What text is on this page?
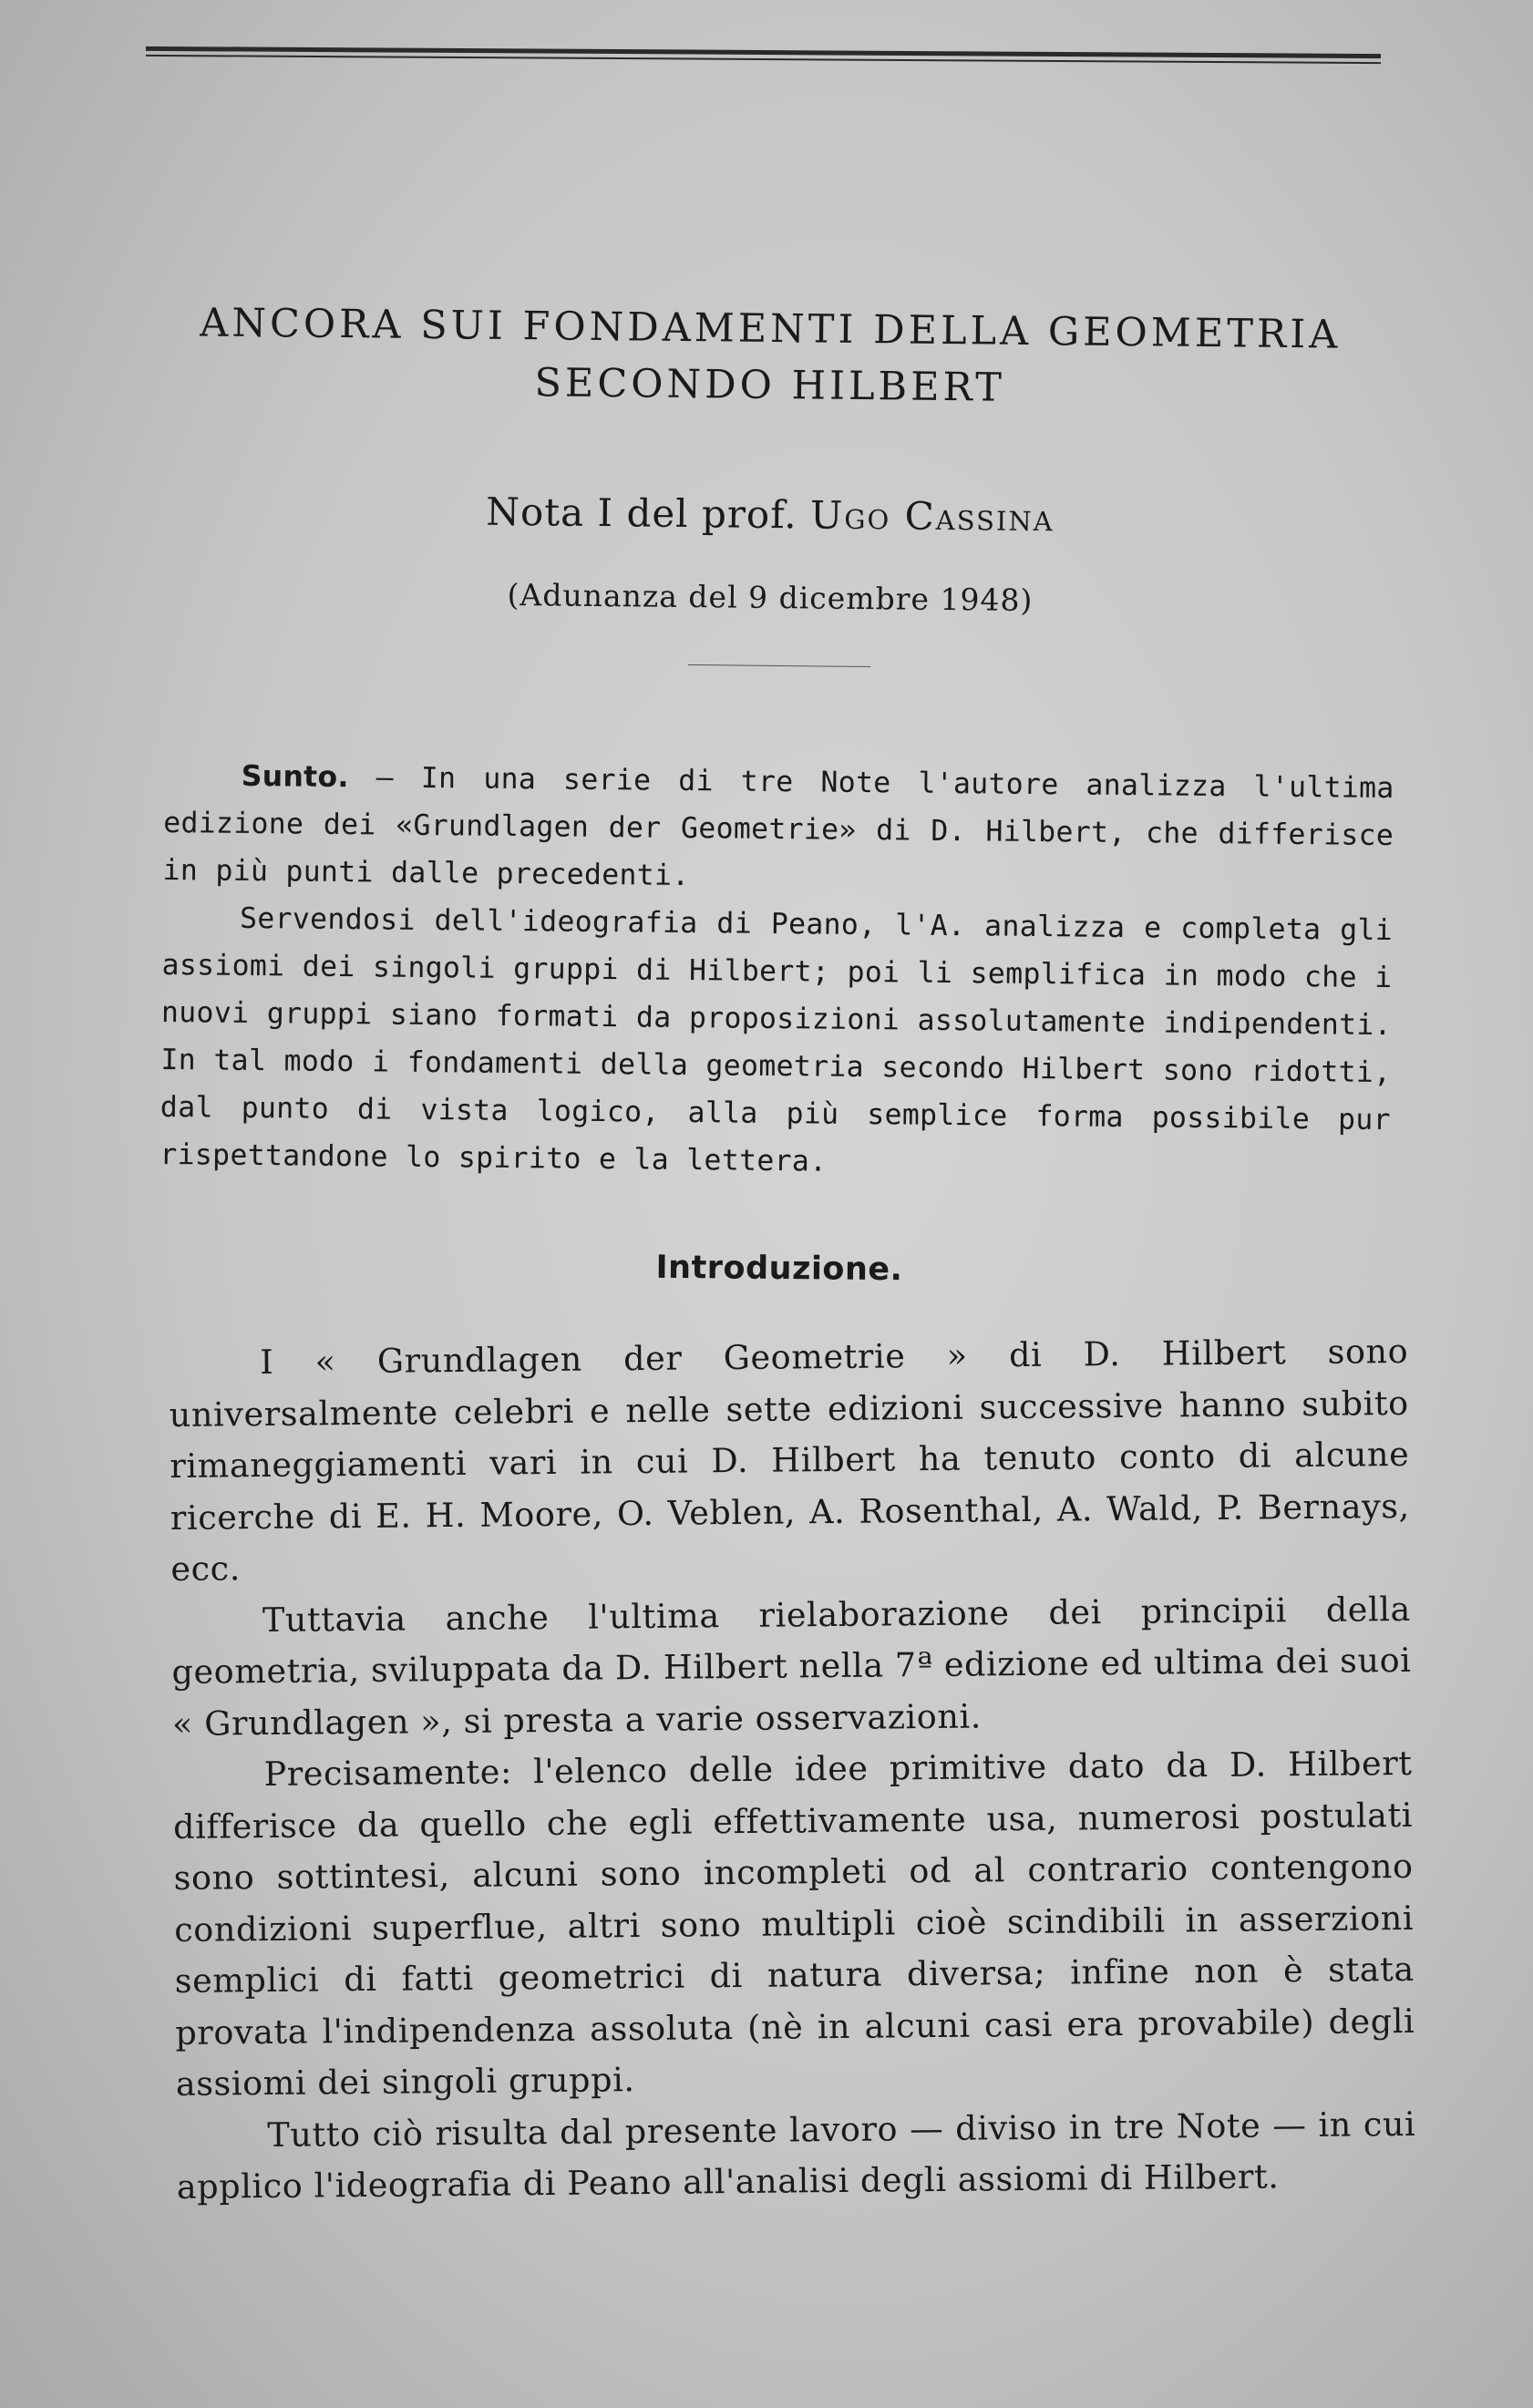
ANCORA SUI FONDAMENTI DELLA GEOMETRIA
SECONDO HILBERT
Nota I del prof. Ugo Cassina
(Adunanza del 9 dicembre 1948)

Sunto. — In una serie di tre Note l'autore analizza l'ultima edizione dei «Grundlagen der Geometrie» di D. Hilbert, che differisce in più punti dalle precedenti.

Servendosi dell'ideografia di Peano, l'A. analizza e completa gli assiomi dei singoli gruppi di Hilbert; poi li semplifica in modo che i nuovi gruppi siano formati da proposizioni assolutamente indipendenti. In tal modo i fondamenti della geometria secondo Hilbert sono ridotti, dal punto di vista logico, alla più semplice forma possibile pur rispettandone lo spirito e la lettera.

Introduzione.

I « Grundlagen der Geometrie » di D. Hilbert sono universalmente celebri e nelle sette edizioni successive hanno subito rimaneggiamenti vari in cui D. Hilbert ha tenuto conto di alcune ricerche di E. H. Moore, O. Veblen, A. Rosenthal, A. Wald, P. Bernays, ecc.

Tuttavia anche l'ultima rielaborazione dei principii della geometria, sviluppata da D. Hilbert nella 7ª edizione ed ultima dei suoi « Grundlagen », si presta a varie osservazioni.

Precisamente: l'elenco delle idee primitive dato da D. Hilbert differisce da quello che egli effettivamente usa, numerosi postulati sono sottintesi, alcuni sono incompleti od al contrario contengono condizioni superflue, altri sono multipli cioè scindibili in asserzioni semplici di fatti geometrici di natura diversa; infine non è stata provata l'indipendenza assoluta (nè in alcuni casi era provabile) degli assiomi dei singoli gruppi.

Tutto ciò risulta dal presente lavoro — diviso in tre Note — in cui applico l'ideografia di Peano all'analisi degli assiomi di Hilbert.
